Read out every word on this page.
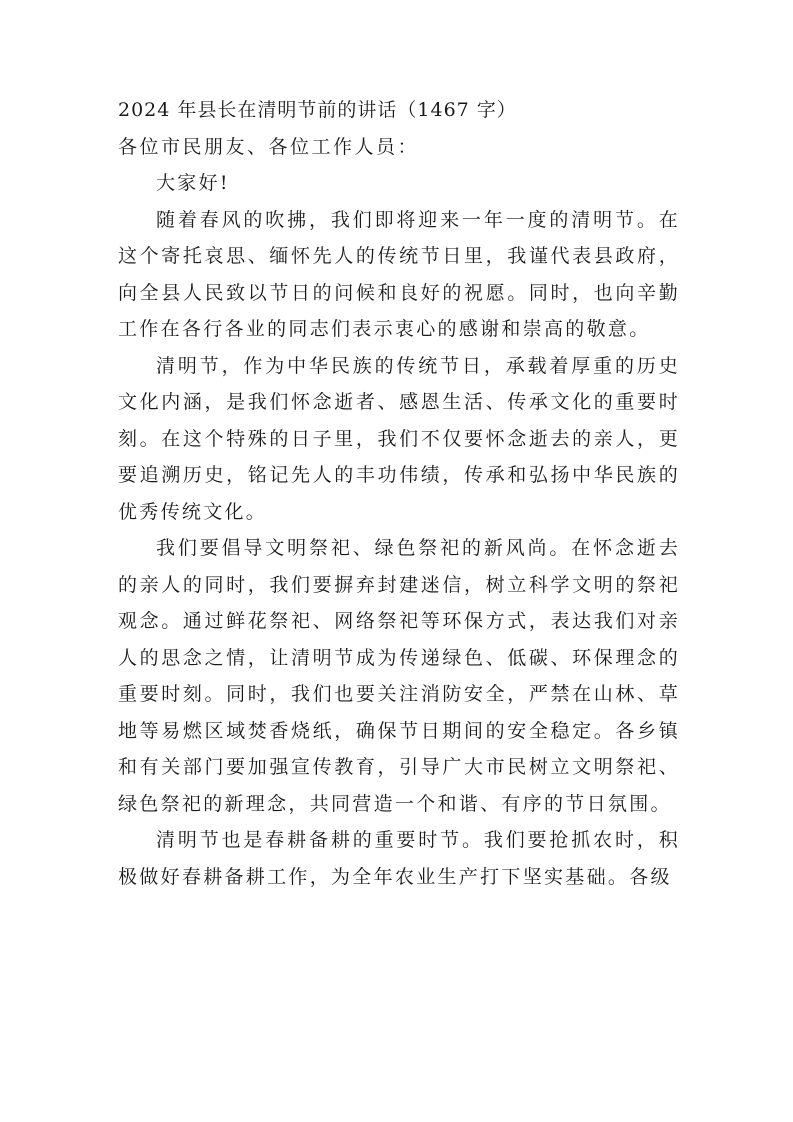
2024 年县长在清明节前的讲话（1467 字）

各位市民朋友、各位工作人员：

大家好!

随着春风的吹拂，我们即将迎来一年一度的清明节。在这个寄托哀思、缅怀先人的传统节日里，我谨代表县政府，向全县人民致以节日的问候和良好的祝愿。同时，也向辛勤工作在各行各业的同志们表示衷心的感谢和崇高的敬意。

清明节，作为中华民族的传统节日，承载着厚重的历史文化内涵，是我们怀念逝者、感恩生活、传承文化的重要时刻。在这个特殊的日子里，我们不仅要怀念逝去的亲人，更要追溯历史，铭记先人的丰功伟绩，传承和弘扬中华民族的优秀传统文化。

我们要倡导文明祭祀、绿色祭祀的新风尚。在怀念逝去的亲人的同时，我们要摒弃封建迷信，树立科学文明的祭祀观念。通过鲜花祭祀、网络祭祀等环保方式，表达我们对亲人的思念之情，让清明节成为传递绿色、低碳、环保理念的重要时刻。同时，我们也要关注消防安全，严禁在山林、草地等易燃区域焚香烧纸，确保节日期间的安全稳定。各乡镇和有关部门要加强宣传教育，引导广大市民树立文明祭祀、绿色祭祀的新理念，共同营造一个和谐、有序的节日氛围。

清明节也是春耕备耕的重要时节。我们要抢抓农时，积极做好春耕备耕工作，为全年农业生产打下坚实基础。各级
